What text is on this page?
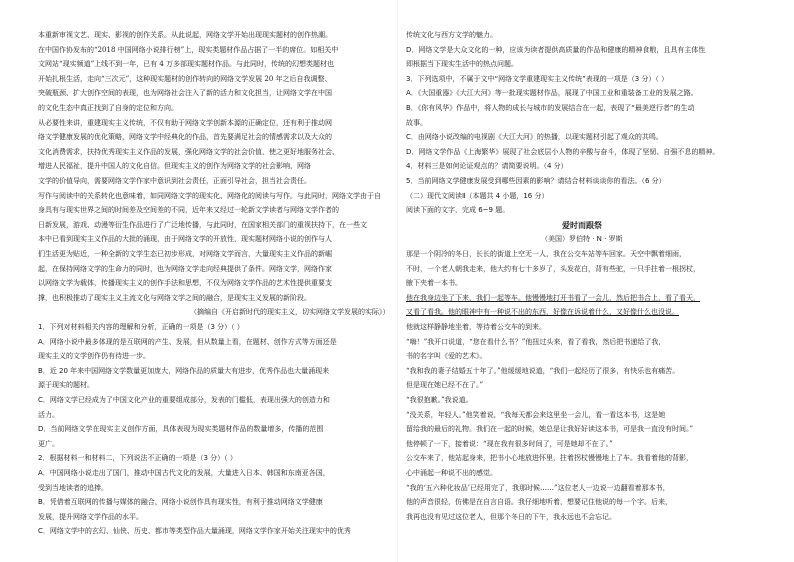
本重新审视文艺、现实、影视的创作关系。从此说起，网络文学开始出现现实题材的创作热潮。
在中国作协发布的“2018 中国网络小说排行榜”上，现实类题材作品占据了一半的席位。如相关中
文网站“现实频道”上线不到一年，已有 4 万多部现实题材作品。与此同时，传统的幻想类题材也
开始扎根生活，走向“三次元”，这种现实题材的创作转向的网络文学发展 20 年之后自我调整、
突破瓶颈、扩大创作空间的表现，也为网络社会注入了新的活力和文化担当，让网络文学在中国
的文化生态中真正找到了自身的定位和方向。
从必要性来讲，重建现实主义传统，不仅有助于网络文学创新本源的正确定位，还有利于推动网
络文学健康发展的优化策略，网络文学中经典化的作品，首先要满足社会的情感需求以及大众的
文化消费需求，扶持优秀现实主义作品的发展，强化网络文学的社会价值，使之更好地服务社会、
增进人民福祉，提升中国人的文化自信。但现实主义的创作为网络文学的社会影响，网络
文学的价值导向，需要网络文学作家中意识到社会责任，正面引导社会，担当社会责任。
写作与阅读中的关系转化也意味着，如同网络文学的现实化、网络化的阅读与写作。与此同时，网络文学由于自
身具有与现实世界之间的时间差及空间差的不同，近年来又经过一轮新文学读者与网络文学作者的
日新发展，游戏、动漫等衍生作品进行了广泛地传播，与此同时，在国家相关部门的重视扶持下，在一些文
本中已看到现实主义作品的大批的涌现，由于网络文学的开放性，现实题材网络小说的创作与人
们生活更为贴近，一种全新的文学生态已初步形成，对网络文学而言，大量现实主义作品的新崛
起，在保持网络文学的生命力的同时，也为网络文学走向经典提供了条件。网络文学，网络作家
以网络文学为载体，传播现实主义的创作手法和思想，不仅为网络文学作品的艺术性提供重要支
撑，也积极推动了现实主义主流文化与网络文学之间的融合，是现实主义发展的新阶段。
（摘编自《开启新时代的现实主义，切实网络文学发展的实际》）
1．下列对材料相关内容的理解和分析，正确的一项是（3 分）（ ）
A．网络小说中最多体现的是互联网的产生、发展，但从数量上看，在题材、创作方式等方面还是
现实主义的文学创作仍有待进一步。
B．近 20 年来中国网络文学数量更加庞大，网络作品的质量大有进步，优秀作品也大量涌现来
源于现实的题材。
C．网络文学已经成为了中国文化产业的重要组成部分，发表的门槛低，表现出强大的创造力和
活力。
D．当前网络文学在现实主义创作方面，具体表现为现实类题材作品的数量增多，传播的范围
更广。
2．根据材料一和材料二，下列说法不正确的一项是（3 分）（ ）
A．中国网络小说走出了国门，推动中国古代文化的发展，大量进入日本、韩国和东南亚各国，
受到当地读者的追捧。
B．凭借着互联网的传播与媒体的融合，网络小说创作具有现实性，有利于推动网络文学健康
发展，提升网络文学作品的水平。
C．网络文学中的玄幻、仙侠、历史、都市等类型作品大量涌现，网络文学作家开始关注现实中的优秀
传统文化与西方文学的魅力。
D．网络文学是大众文化的一种，应该为读者提供高质量的作品和健康的精神食粮，且具有主体性
即根据当下现实生活中的热点问题。
3．下列选项中，不属于文中“网络文学重建现实主义传统”表现的一项是（3 分）（ ）
A．《大国重器》《大江大河》等一批现实题材作品，展现了中国工业和重装备工业的发展之路。
B．《你有风华》作品中，将人物的成长与城市的发展结合在一起，表现了“最美逆行者”的生动
故事。
C．由网络小说改编的电视剧《大江大河》的热播，以现实题材引起了观众的共鸣。
D．网络文学作品《上海繁华》展现了社会底层小人物的辛酸与奋斗，体现了坚韧、自强不息的精神。
4．材料三是如何论证观点的？请简要说明。（4 分）
5．当前网络文学健康发展受到哪些因素的影响？请结合材料谈谈你的看法。（6 分）
（二）现代文阅读Ⅱ（本题共 4 小题，16 分）
阅读下面的文字，完成 6~9 题。
爱时而跟祭
（美国）罗伯特 · N · 罗斯
那是一个阴冷的冬日，长长的街道上空无一人，我在公交车站等车回家。天空中飘着细雨，
不时，一个老人朝我走来，他大约有七十多岁了，头发花白，背有些驼，一只手拄着一根拐杖，
腋下夹着一本书。
他在我身边坐了下来，我们一起等车。他慢慢地打开书看了一会儿，然后把书合上，看了看天，
又看了看我。他的眼神中有一种说不出的东西，好像在诉说着什么，又好像什么也没说。
他就这样静静地坐着，等待着公交车的到来。
“嗨！”我开口说道，“您在看什么书？”他扭过头来，看了看我，然后把书递给了我，
书的名字叫《爱的艺术》。
“我和我的妻子结婚五十年了。”他缓缓地说道，“我们一起经历了很多，有快乐也有痛苦。
但是现在她已经不在了。”
“我很抱歉。”我说道。
“没关系，年轻人。”他笑着说，“我每天都会来这里坐一会儿，看一看这本书，这是她
留给我的最后的礼物。我们在一起的时候，她总是让我好好读这本书，可是我一直没有时间。”
他停顿了一下，接着说：“现在我有很多时间了，可是她却不在了。”
公交车来了，他站起身来，把书小心地放进怀里，拄着拐杖慢慢地上了车。我看着他的背影，
心中涌起一种说不出的感觉。
“我的‘五六种化妆品’已经用完了，我那时候……”这位老人一边说一边翻看着那本书，
他的声音很轻，仿佛是在自言自语。我仔细地听着，想要记住他说的每一个字。后来，
我再也没有见过这位老人，但那个冬日的下午，我永远也不会忘记。
